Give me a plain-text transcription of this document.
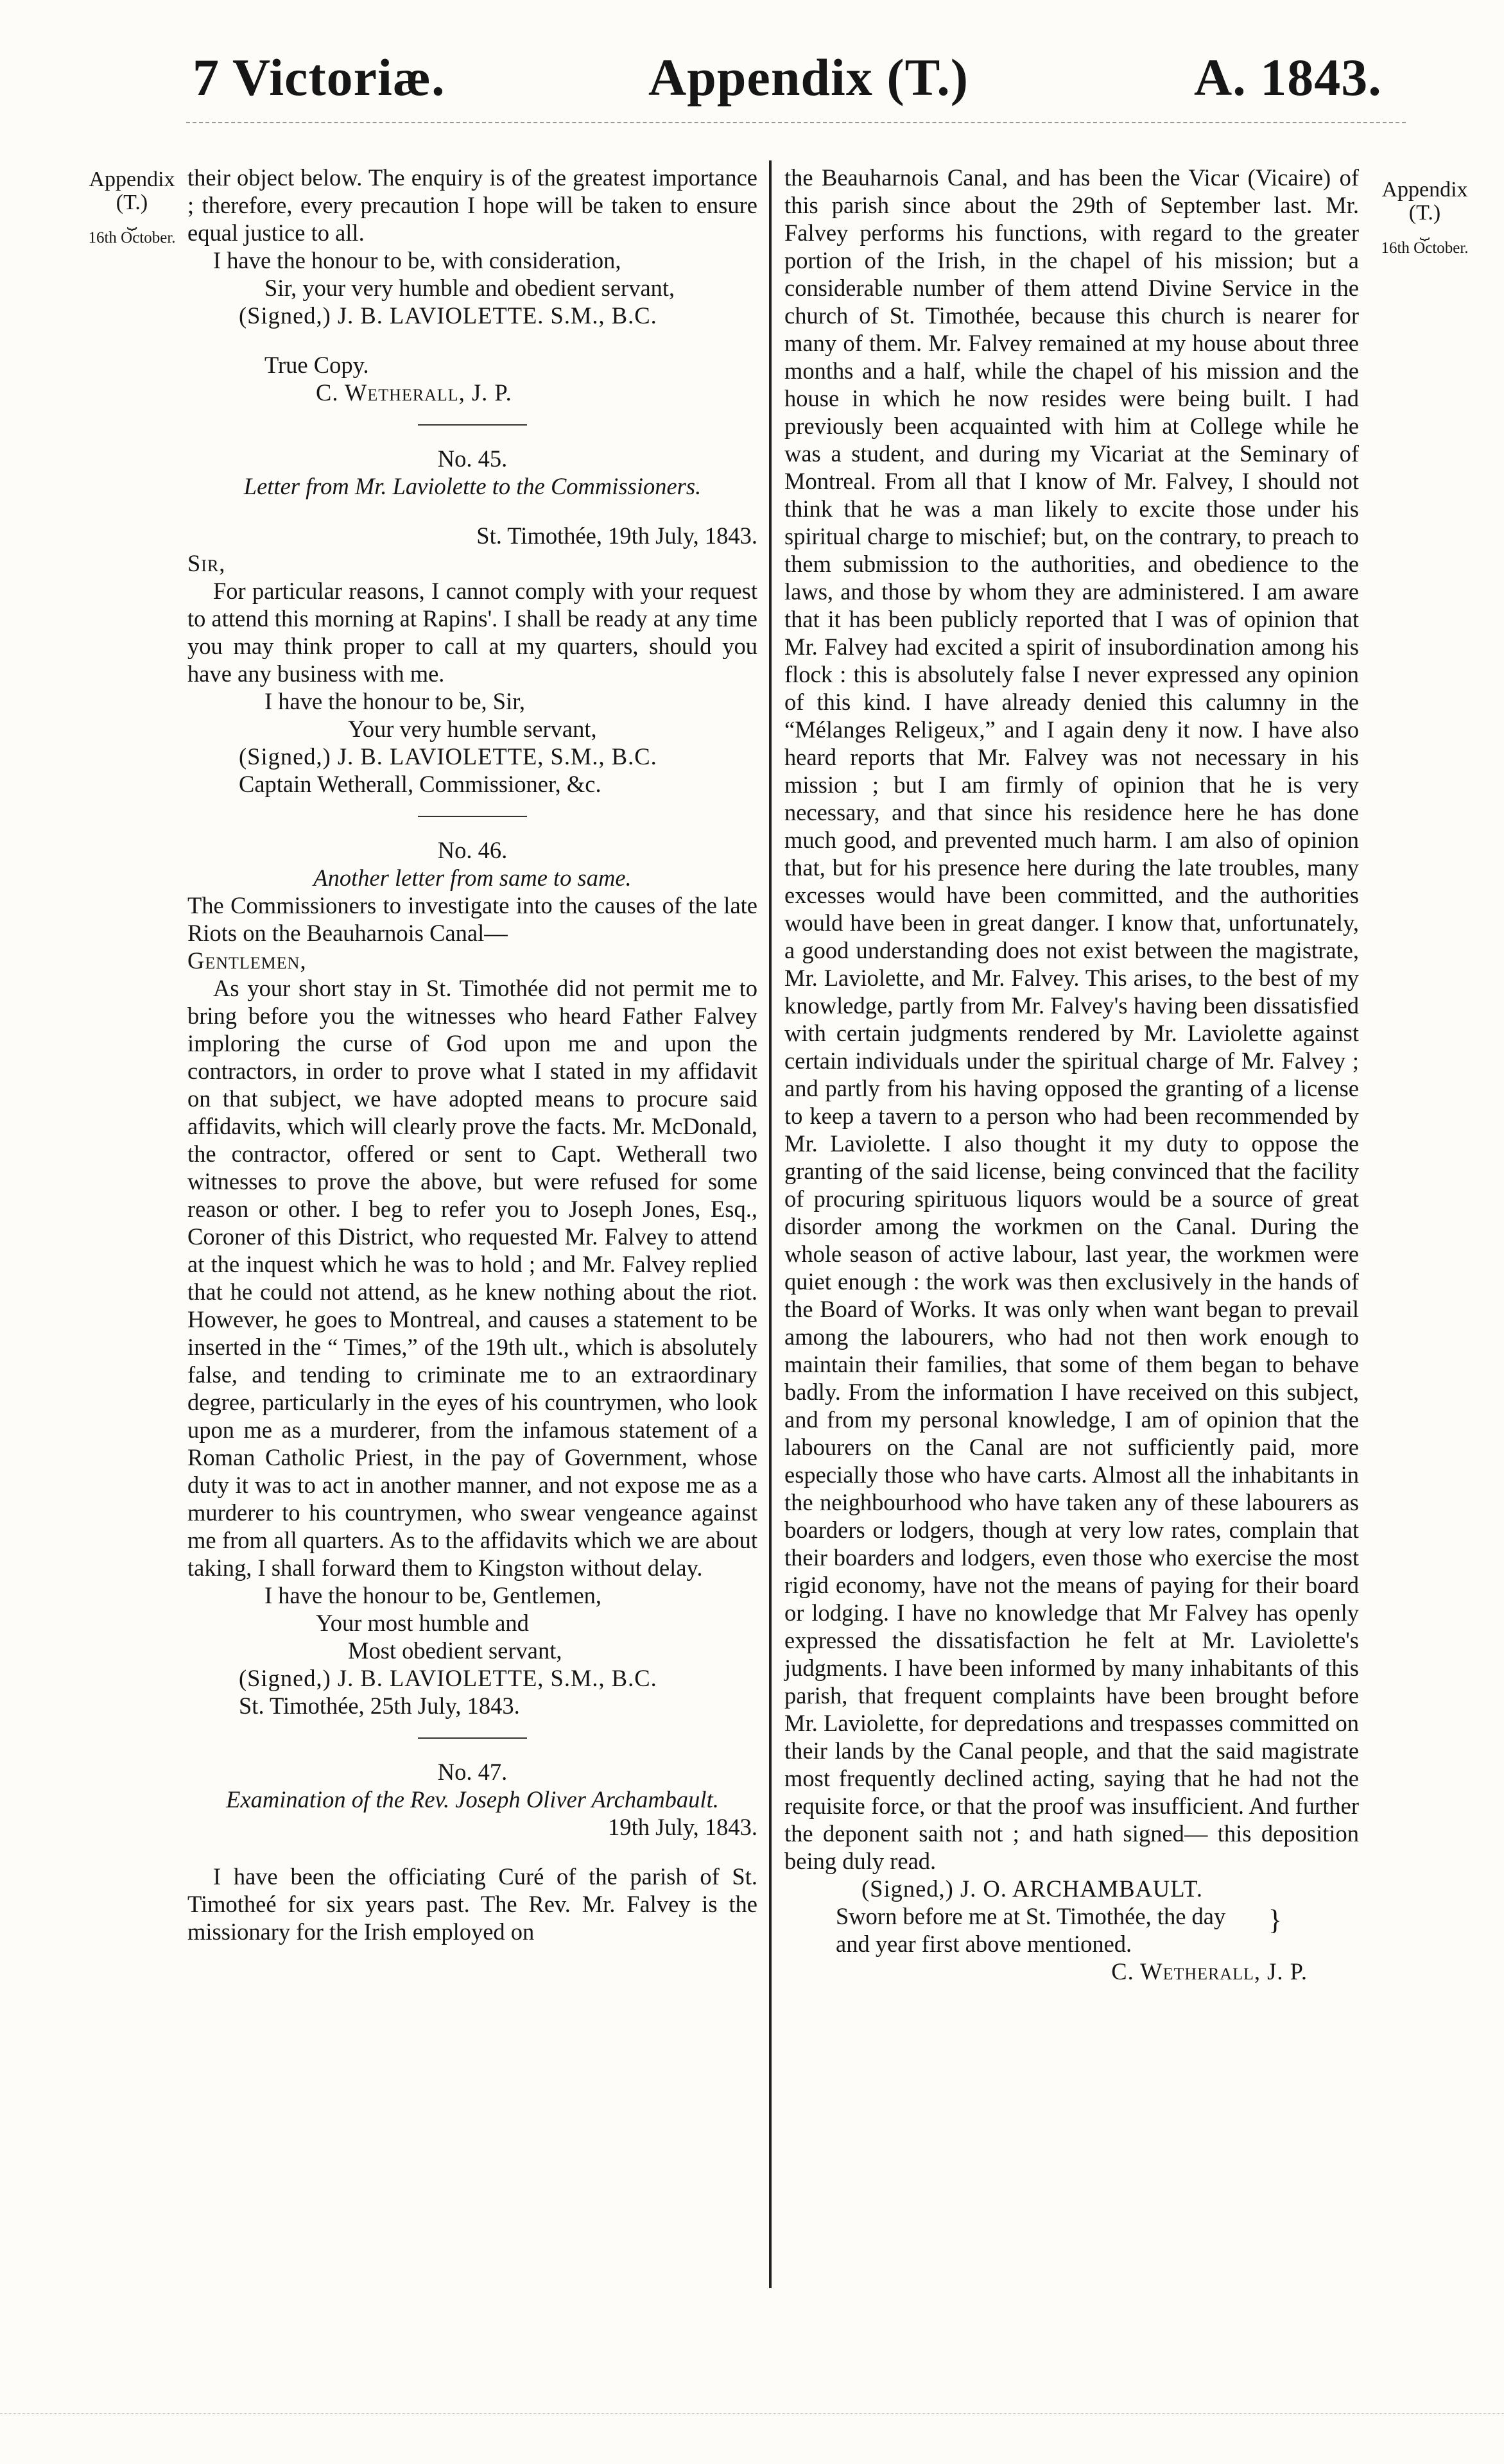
7 Victoriæ.	Appendix (T.)	A. 1843.
Appendix
(T.)
⏟
16th October.
Appendix
(T.)
⏟
16th October.

their object below. The enquiry is of the greatest importance ; therefore, every precaution I hope will be taken to ensure equal justice to all.

I have the honour to be, with consideration,

Sir, your very humble and obedient servant,

(Signed,) J. B. LAVIOLETTE. S.M., B.C.

True Copy.

C. Wetherall, J. P.

No. 45.

Letter from Mr. Laviolette to the Commissioners.

St. Timothée, 19th July, 1843.

Sir,

For particular reasons, I cannot comply with your request to attend this morning at Rapins'. I shall be ready at any time you may think proper to call at my quarters, should you have any business with me.

I have the honour to be, Sir,

Your very humble servant,

(Signed,) J. B. LAVIOLETTE, S.M., B.C.

Captain Wetherall, Commissioner, &c.

No. 46.

Another letter from same to same.

The Commissioners to investigate into the causes of the late Riots on the Beauharnois Canal—

Gentlemen,

As your short stay in St. Timothée did not permit me to bring before you the witnesses who heard Father Falvey imploring the curse of God upon me and upon the contractors, in order to prove what I stated in my affidavit on that subject, we have adopted means to procure said affidavits, which will clearly prove the facts. Mr. McDonald, the contractor, offered or sent to Capt. Wetherall two witnesses to prove the above, but were refused for some reason or other. I beg to refer you to Joseph Jones, Esq., Coroner of this District, who requested Mr. Falvey to attend at the inquest which he was to hold ; and Mr. Falvey replied that he could not attend, as he knew nothing about the riot. However, he goes to Montreal, and causes a statement to be inserted in the “ Times,” of the 19th ult., which is absolutely false, and tending to criminate me to an extraordinary degree, particularly in the eyes of his countrymen, who look upon me as a murderer, from the infamous statement of a Roman Catholic Priest, in the pay of Government, whose duty it was to act in another manner, and not expose me as a murderer to his countrymen, who swear vengeance against me from all quarters. As to the affidavits which we are about taking, I shall forward them to Kingston without delay.

I have the honour to be, Gentlemen,

Your most humble and

Most obedient servant,

(Signed,) J. B. LAVIOLETTE, S.M., B.C.

St. Timothée, 25th July, 1843.

No. 47.

Examination of the Rev. Joseph Oliver Archambault.

19th July, 1843.

I have been the officiating Curé of the parish of St. Timotheé for six years past. The Rev. Mr. Falvey is the missionary for the Irish employed on

the Beauharnois Canal, and has been the Vicar (Vicaire) of this parish since about the 29th of September last. Mr. Falvey performs his functions, with regard to the greater portion of the Irish, in the chapel of his mission; but a considerable number of them attend Divine Service in the church of St. Timothée, because this church is nearer for many of them. Mr. Falvey remained at my house about three months and a half, while the chapel of his mission and the house in which he now resides were being built. I had previously been acquainted with him at College while he was a student, and during my Vicariat at the Seminary of Montreal. From all that I know of Mr. Falvey, I should not think that he was a man likely to excite those under his spiritual charge to mischief; but, on the contrary, to preach to them submission to the authorities, and obedience to the laws, and those by whom they are administered. I am aware that it has been publicly reported that I was of opinion that Mr. Falvey had excited a spirit of insubordination among his flock : this is absolutely false I never expressed any opinion of this kind. I have already denied this calumny in the “Mélanges Religeux,” and I again deny it now. I have also heard reports that Mr. Falvey was not necessary in his mission ; but I am firmly of opinion that he is very necessary, and that since his residence here he has done much good, and prevented much harm. I am also of opinion that, but for his presence here during the late troubles, many excesses would have been committed, and the authorities would have been in great danger. I know that, unfortunately, a good understanding does not exist between the magistrate, Mr. Laviolette, and Mr. Falvey. This arises, to the best of my knowledge, partly from Mr. Falvey's having been dissatisfied with certain judgments rendered by Mr. Laviolette against certain individuals under the spiritual charge of Mr. Falvey ; and partly from his having opposed the granting of a license to keep a tavern to a person who had been recommended by Mr. Laviolette. I also thought it my duty to oppose the granting of the said license, being convinced that the facility of procuring spirituous liquors would be a source of great disorder among the workmen on the Canal. During the whole season of active labour, last year, the workmen were quiet enough : the work was then exclusively in the hands of the Board of Works. It was only when want began to prevail among the labourers, who had not then work enough to maintain their families, that some of them began to behave badly. From the information I have received on this subject, and from my personal knowledge, I am of opinion that the labourers on the Canal are not sufficiently paid, more especially those who have carts. Almost all the inhabitants in the neighbourhood who have taken any of these labourers as boarders or lodgers, though at very low rates, complain that their boarders and lodgers, even those who exercise the most rigid economy, have not the means of paying for their board or lodging. I have no knowledge that Mr Falvey has openly expressed the dissatisfaction he felt at Mr. Laviolette's judgments. I have been informed by many inhabitants of this parish, that frequent complaints have been brought before Mr. Laviolette, for depredations and trespasses committed on their lands by the Canal people, and that the said magistrate most frequently declined acting, saying that he had not the requisite force, or that the proof was insufficient. And further the deponent saith not ; and hath signed— this deposition being duly read.

(Signed,) J. O. ARCHAMBAULT.

Sworn before me at St. Timothée, the day and year first above mentioned.

}

C. Wetherall, J. P.
